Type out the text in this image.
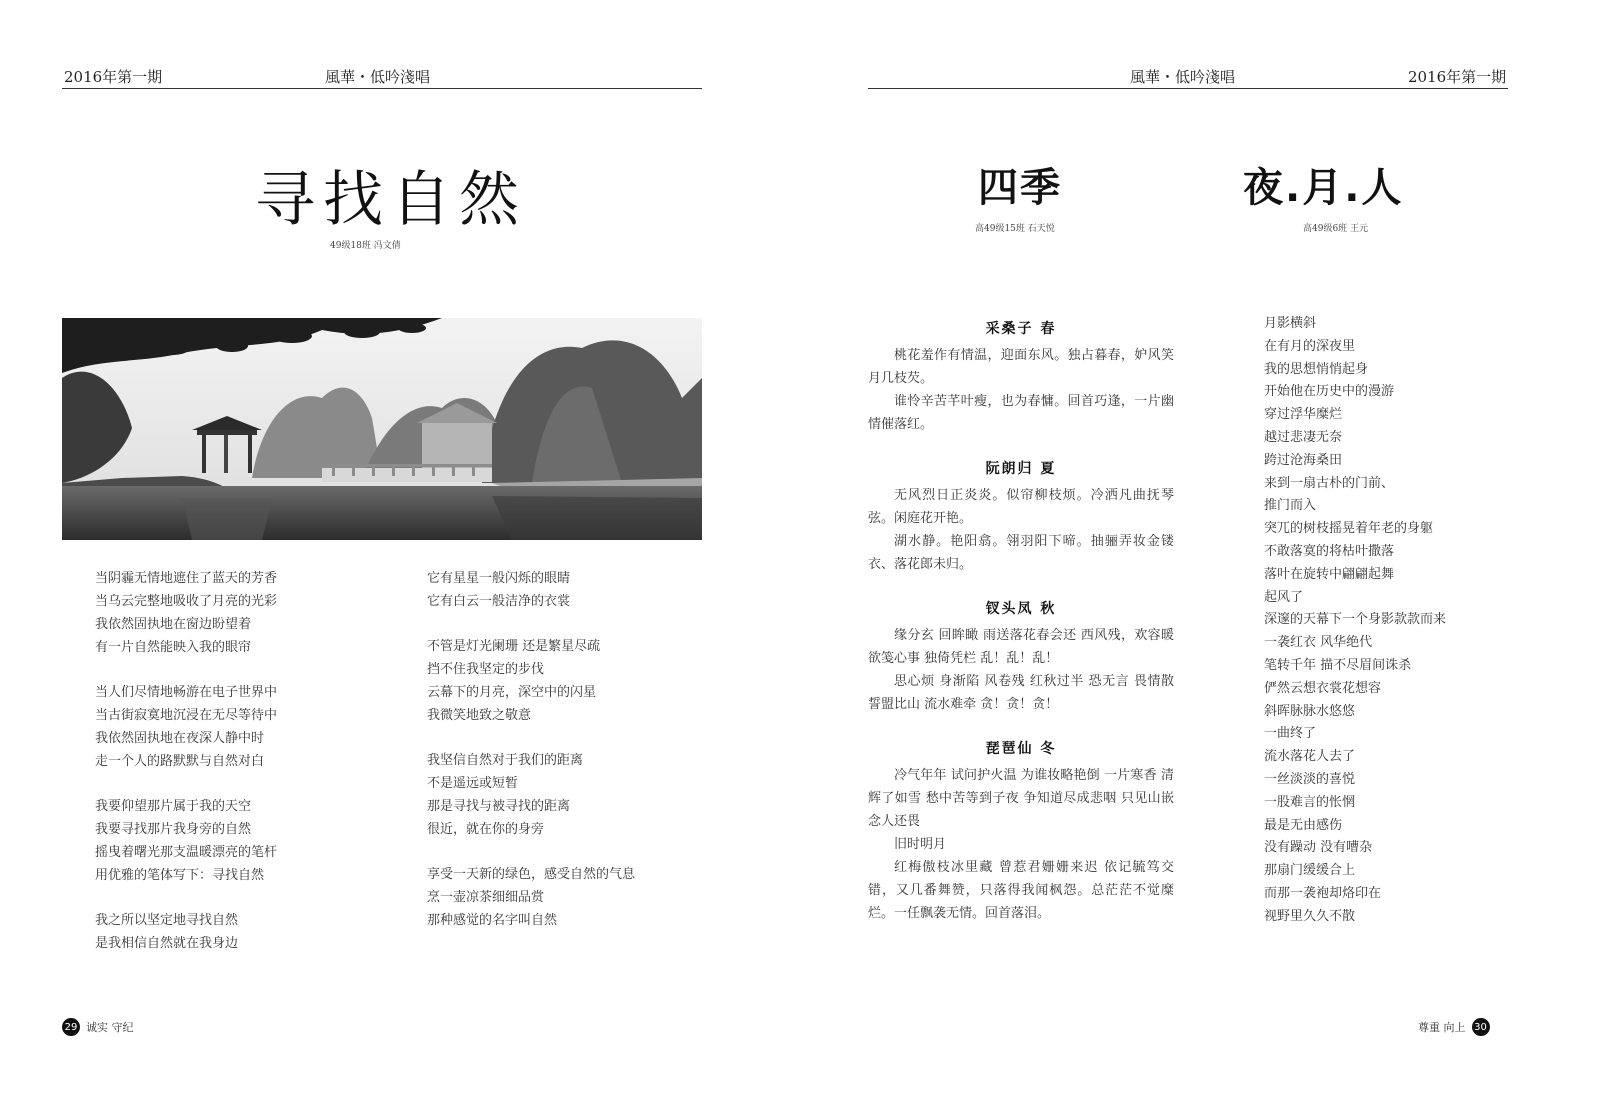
2016年第一期	風華・低吟淺唱
寻找自然
49级18班 冯文倩
当阴霾无情地遮住了蓝天的芳香
当乌云完整地吸收了月亮的光彩
我依然固执地在窗边盼望着
有一片自然能映入我的眼帘
当人们尽情地畅游在电子世界中
当古街寂寞地沉浸在无尽等待中
我依然固执地在夜深人静中时
走一个人的路默默与自然对白
我要仰望那片属于我的天空
我要寻找那片我身旁的自然
摇曳着曙光那支温暖漂亮的笔杆
用优雅的笔体写下：寻找自然
我之所以坚定地寻找自然
是我相信自然就在我身边
它有星星一般闪烁的眼睛
它有白云一般洁净的衣裳
不管是灯光阑珊 还是繁星尽疏
挡不住我坚定的步伐
云幕下的月亮，深空中的闪星
我微笑地致之敬意
我坚信自然对于我们的距离
不是遥远或短暂
那是寻找与被寻找的距离
很近，就在你的身旁
享受一天新的绿色，感受自然的气息
烹一壶凉茶细细品赏
那种感觉的名字叫自然
29 诚实 守纪
風華・低吟淺唱	2016年第一期
四季
高49级15班 石天悦
夜.月.人
高49级6班 王元
采桑子 春

桃花羞作有情温，迎面东风。独占暮春，妒风笑月几枝芡。

谁怜辛苦芊叶瘦，也为春慵。回首巧逢，一片幽情催落红。

阮朗归 夏

无风烈日正炎炎。似帘柳枝烦。冷洒凡曲抚琴弦。闲庭花开艳。

湖水静。艳阳翕。翎羽阳下啼。抽骊弄妆金镂衣、落花郎未归。

钗头凤 秋

缘分玄 回眸瞰 雨送落花春会还 西风残，欢容暖 欲笺心事 独倚凭栏 乱！乱！乱！

思心烦 身渐陷 风卷残 红秋过半 恐无言 畏情散 誓盟比山 流水难牵 贪！贪！贪！

琵琶仙 冬

冷气年年 试问护火温 为谁妆略艳倒 一片寒香 清辉了如雪 愁中苦等到子夜 争知道尽成悲咽 只见山嵌 念人还畏

旧时明月

红梅傲枝冰里藏 曾惹君姗姗来迟 依记毓笃交错，又几番舞赞，只落得我闻枫怨。总茫茫不觉糜烂。一任飘袭无情。回首落泪。

月影横斜
在有月的深夜里
我的思想悄悄起身
开始他在历史中的漫游
穿过浮华糜烂
越过悲凄无奈
跨过沧海桑田
来到一扇古朴的门前、
推门而入
突兀的树枝摇晃着年老的身躯
不敢落寞的将枯叶撒落
落叶在旋转中翩翩起舞
起风了
深邃的天幕下一个身影款款而来
一袭红衣 风华绝代
笔转千年 描不尽眉间诛杀
俨然云想衣裳花想容
斜晖脉脉水悠悠
一曲终了
流水落花人去了
一丝淡淡的喜悦
一股难言的怅惘
最是无由感伤
没有躁动 没有嘈杂
那扇门缓缓合上
而那一袭袍却烙印在
视野里久久不散
尊重 向上 30
